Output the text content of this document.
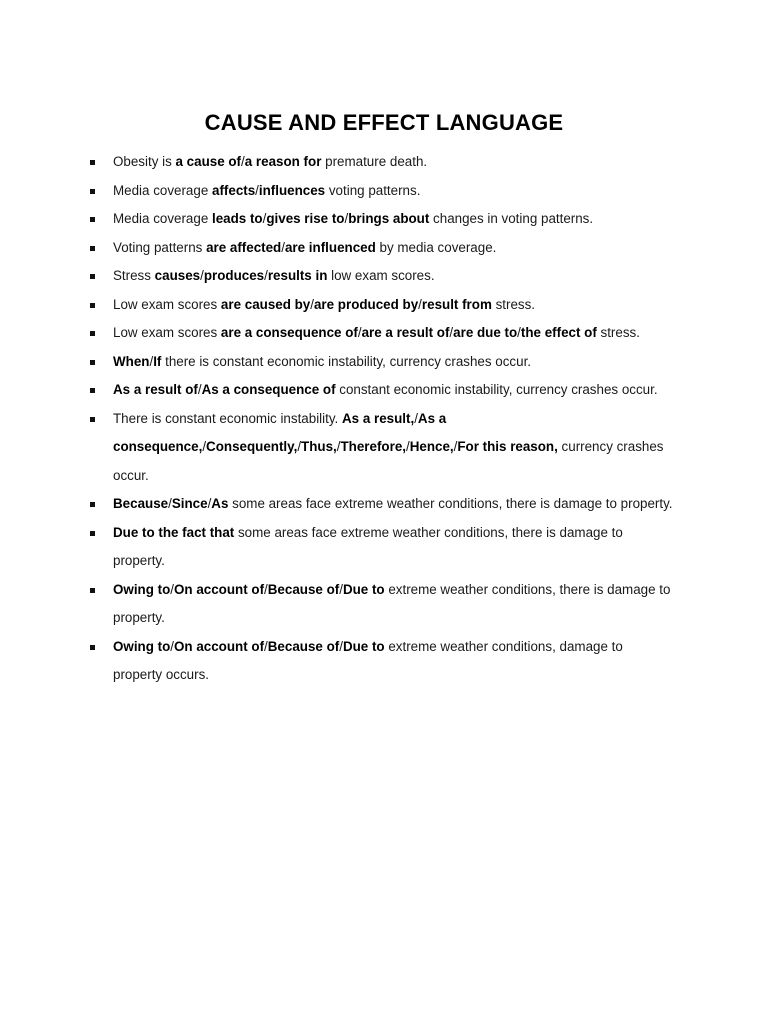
CAUSE AND EFFECT LANGUAGE
Obesity is a cause of/a reason for premature death.
Media coverage affects/influences voting patterns.
Media coverage leads to/gives rise to/brings about changes in voting patterns.
Voting patterns are affected/are influenced by media coverage.
Stress causes/produces/results in low exam scores.
Low exam scores are caused by/are produced by/result from stress.
Low exam scores are a consequence of/are a result of/are due to/the effect of stress.
When/If there is constant economic instability, currency crashes occur.
As a result of/As a consequence of constant economic instability, currency crashes occur.
There is constant economic instability. As a result,/As a consequence,/Consequently,/Thus,/Therefore,/Hence,/For this reason, currency crashes occur.
Because/Since/As some areas face extreme weather conditions, there is damage to property.
Due to the fact that some areas face extreme weather conditions, there is damage to property.
Owing to/On account of/Because of/Due to extreme weather conditions, there is damage to property.
Owing to/On account of/Because of/Due to extreme weather conditions, damage to property occurs.
